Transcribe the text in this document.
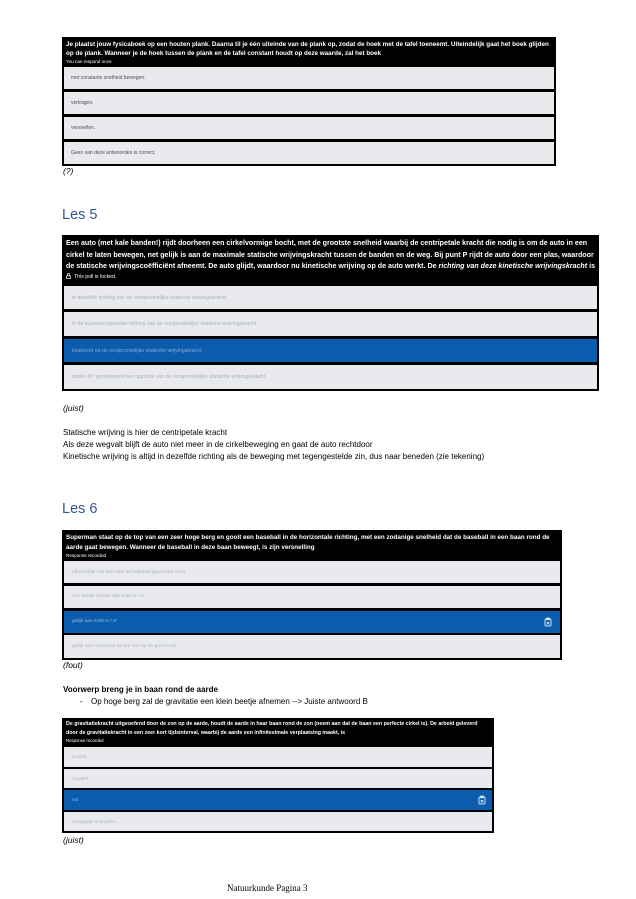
Je plaatst jouw fysicaboek op een houten plank. Daarna til je één uiteinde van de plank op, zodat de hoek met de tafel toeneemt. Uiteindelijk gaat het boek glijden op de plank. Wanneer je de hoek tussen de plank en de tafel constant houdt op deze waarde, zal het boek
You can respond once
met constante snelheid bewegen.
vertragen.
versnellen.
Geen van deze antwoorden is correct.
(?)
Les 5
Een auto (met kale banden!) rijdt doorheen een cirkelvormige bocht, met de grootste snelheid waarbij de centripetale kracht die nodig is om de auto in een cirkel te laten bewegen, net gelijk is aan de maximale statische wrijvingskracht tussen de banden en de weg. Bij punt P rijdt de auto door een plas, waardoor de statische wrijvingscoëfficiënt afneemt. De auto glijdt, waardoor nu kinetische wrijving op de auto werkt. De richting van deze kinetische wrijvingskracht is
This poll is locked.
in dezelfde richting van de oorspronkelijke statische wrijvingskracht.
in de tegenovergestelde richting van de oorspronkelijke statische wrijvingskracht.
loodrecht op de oorspronkelijke statische wrijvingskracht.
onder 45° georiënteerd ten opzichte van de oorspronkelijke statische wrijvingskracht.
(juist)
Statische wrijving is hier de centripetale kracht
Als deze wegvalt blijft de auto niet meer in de cirkelbeweging en gaat de auto rechtdoor
Kinetische wrijving is altijd in dezelfde richting als de beweging met tegengestelde zin, dus naar beneden (zie tekening)
Les 6
Superman staat op de top van een zeer hoge berg en gooit een baseball in de horizontale richting, met een zodanige snelheid dat de baseball in een baan rond de aarde gaat bewegen. Wanneer de baseball in deze baan beweegt, is zijn versnelling
Response recorded
afhankelijk van hoe snel de baseball geworpen werd.
een beetje kleiner dan 9,80 m / s²
gelijk aan 9,80 m / s²
gelijk aan nul omdat de bal niet op de grond valt.
(fout)
Voorwerp breng je in baan rond de aarde
-	Op hoge berg zal de gravitatie een klein beetje afnemen --> Juiste antwoord B
De gravitatiekracht uitgeoefend door de zon op de aarde, houdt de aarde in haar baan rond de zon (neem aan dat de baan een perfecte cirkel is). De arbeid geleverd door de gravitatiekracht in een zeer kort tijdsinterval, waarbij de aarde een infinitesimale verplaatsing maakt, is
Response recorded
positief.
negatief.
nul.
onmogelijk te bepalen.
(juist)
Natuurkunde Pagina 3
